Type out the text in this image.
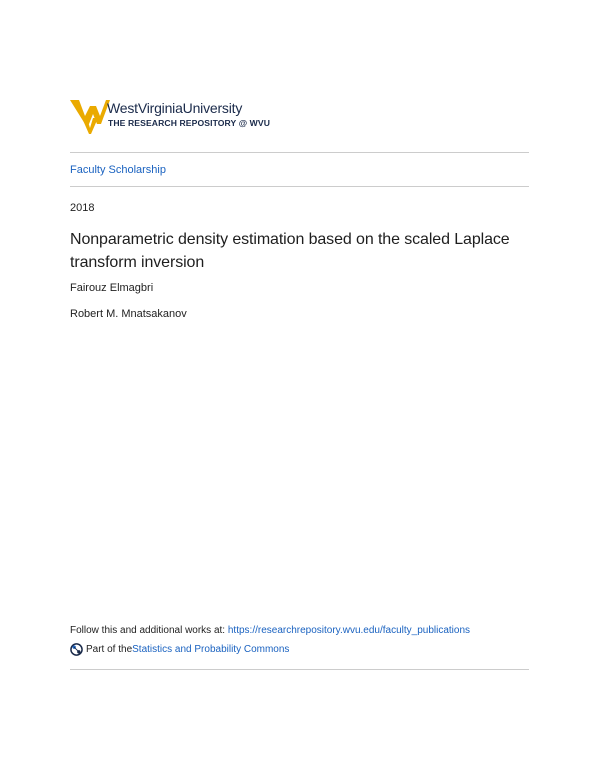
WestVirginiaUniversity
THE RESEARCH REPOSITORY @ WVU
Faculty Scholarship
2018
Nonparametric density estimation based on the scaled Laplace transform inversion
Fairouz Elmagbri
Robert M. Mnatsakanov
Follow this and additional works at: https://researchrepository.wvu.edu/faculty_publications
Part of the Statistics and Probability Commons
